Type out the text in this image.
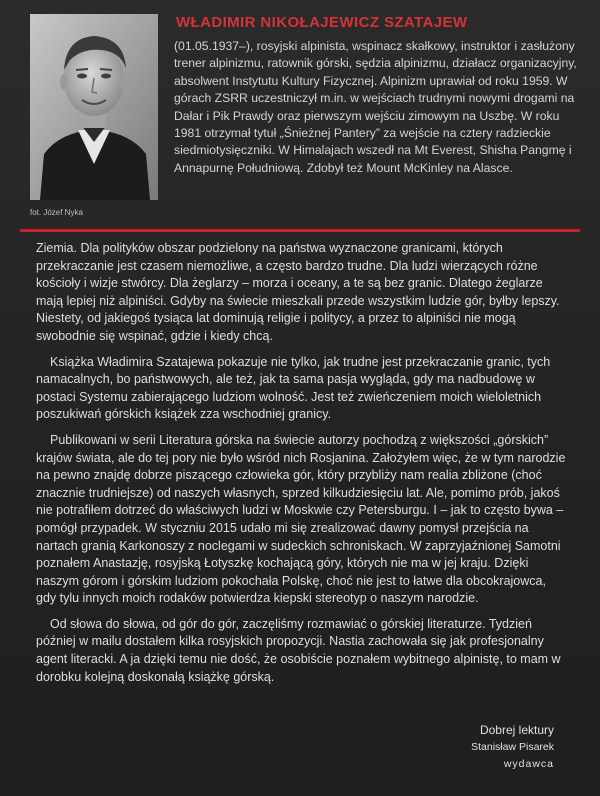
fot. Józef Nyka
WŁADIMIR NIKOŁAJEWICZ SZATAJEW
(01.05.1937–), rosyjski alpinista, wspinacz skałkowy, instruktor i zasłużony trener alpinizmu, ratownik górski, sędzia alpinizmu, działacz organizacyjny, absolwent Instytutu Kultury Fizycznej. Alpinizm uprawiał od roku 1959. W górach ZSRR uczestniczył m.in. w wejściach trudnymi nowymi drogami na Dałar i Pik Prawdy oraz pierwszym wejściu zimowym na Uszbę. W roku 1981 otrzymał tytuł „Śnieżnej Pantery” za wejście na cztery radzieckie siedmiotysięczniki. W Himalajach wszedł na Mt Everest, Shisha Pangmę i Annapurnę Południową. Zdobył też Mount McKinley na Alasce.

Ziemia. Dla polityków obszar podzielony na państwa wyznaczone granicami, których przekraczanie jest czasem niemożliwe, a często bardzo trudne. Dla ludzi wierzących różne kościoły i wizje stwórcy. Dla żeglarzy – morza i oceany, a te są bez granic. Dlatego żeglarze mają lepiej niż alpiniści. Gdyby na świecie mieszkali przede wszystkim ludzie gór, byłby lepszy. Niestety, od jakiegoś tysiąca lat dominują religie i politycy, a przez to alpiniści nie mogą swobodnie się wspinać, gdzie i kiedy chcą.

Książka Władimira Szatajewa pokazuje nie tylko, jak trudne jest przekraczanie granic, tych namacalnych, bo państwowych, ale też, jak ta sama pasja wygląda, gdy ma nadbudowę w postaci Systemu zabierającego ludziom wolność. Jest też zwieńczeniem moich wieloletnich poszukiwań górskich książek zza wschodniej granicy.

Publikowani w serii Literatura górska na świecie autorzy pochodzą z większości „górskich” krajów świata, ale do tej pory nie było wśród nich Rosjanina. Założyłem więc, że w tym narodzie na pewno znajdę dobrze piszącego człowieka gór, który przybliży nam realia zbliżone (choć znacznie trudniejsze) od naszych własnych, sprzed kilkudziesięciu lat. Ale, pomimo prób, jakoś nie potrafiłem dotrzeć do właściwych ludzi w Moskwie czy Petersburgu. I – jak to często bywa – pomógł przypadek. W styczniu 2015 udało mi się zrealizować dawny pomysł przejścia na nartach granią Karkonoszy z noclegami w sudeckich schroniskach. W zaprzyjaźnionej Samotni poznałem Anastazję, rosyjską Łotyszkę kochającą góry, których nie ma w jej kraju. Dzięki naszym górom i górskim ludziom pokochała Polskę, choć nie jest to łatwe dla obcokrajowca, gdy tylu innych moich rodaków potwierdza kiepski stereotyp o naszym narodzie.

Od słowa do słowa, od gór do gór, zaczęliśmy rozmawiać o górskiej literaturze. Tydzień później w mailu dostałem kilka rosyjskich propozycji. Nastia zachowała się jak profesjonalny agent literacki. A ja dzięki temu nie dość, że osobiście poznałem wybitnego alpinistę, to mam w dorobku kolejną doskonałą książkę górską.

Dobrej lektury
Stanisław Pisarek
wydawca
